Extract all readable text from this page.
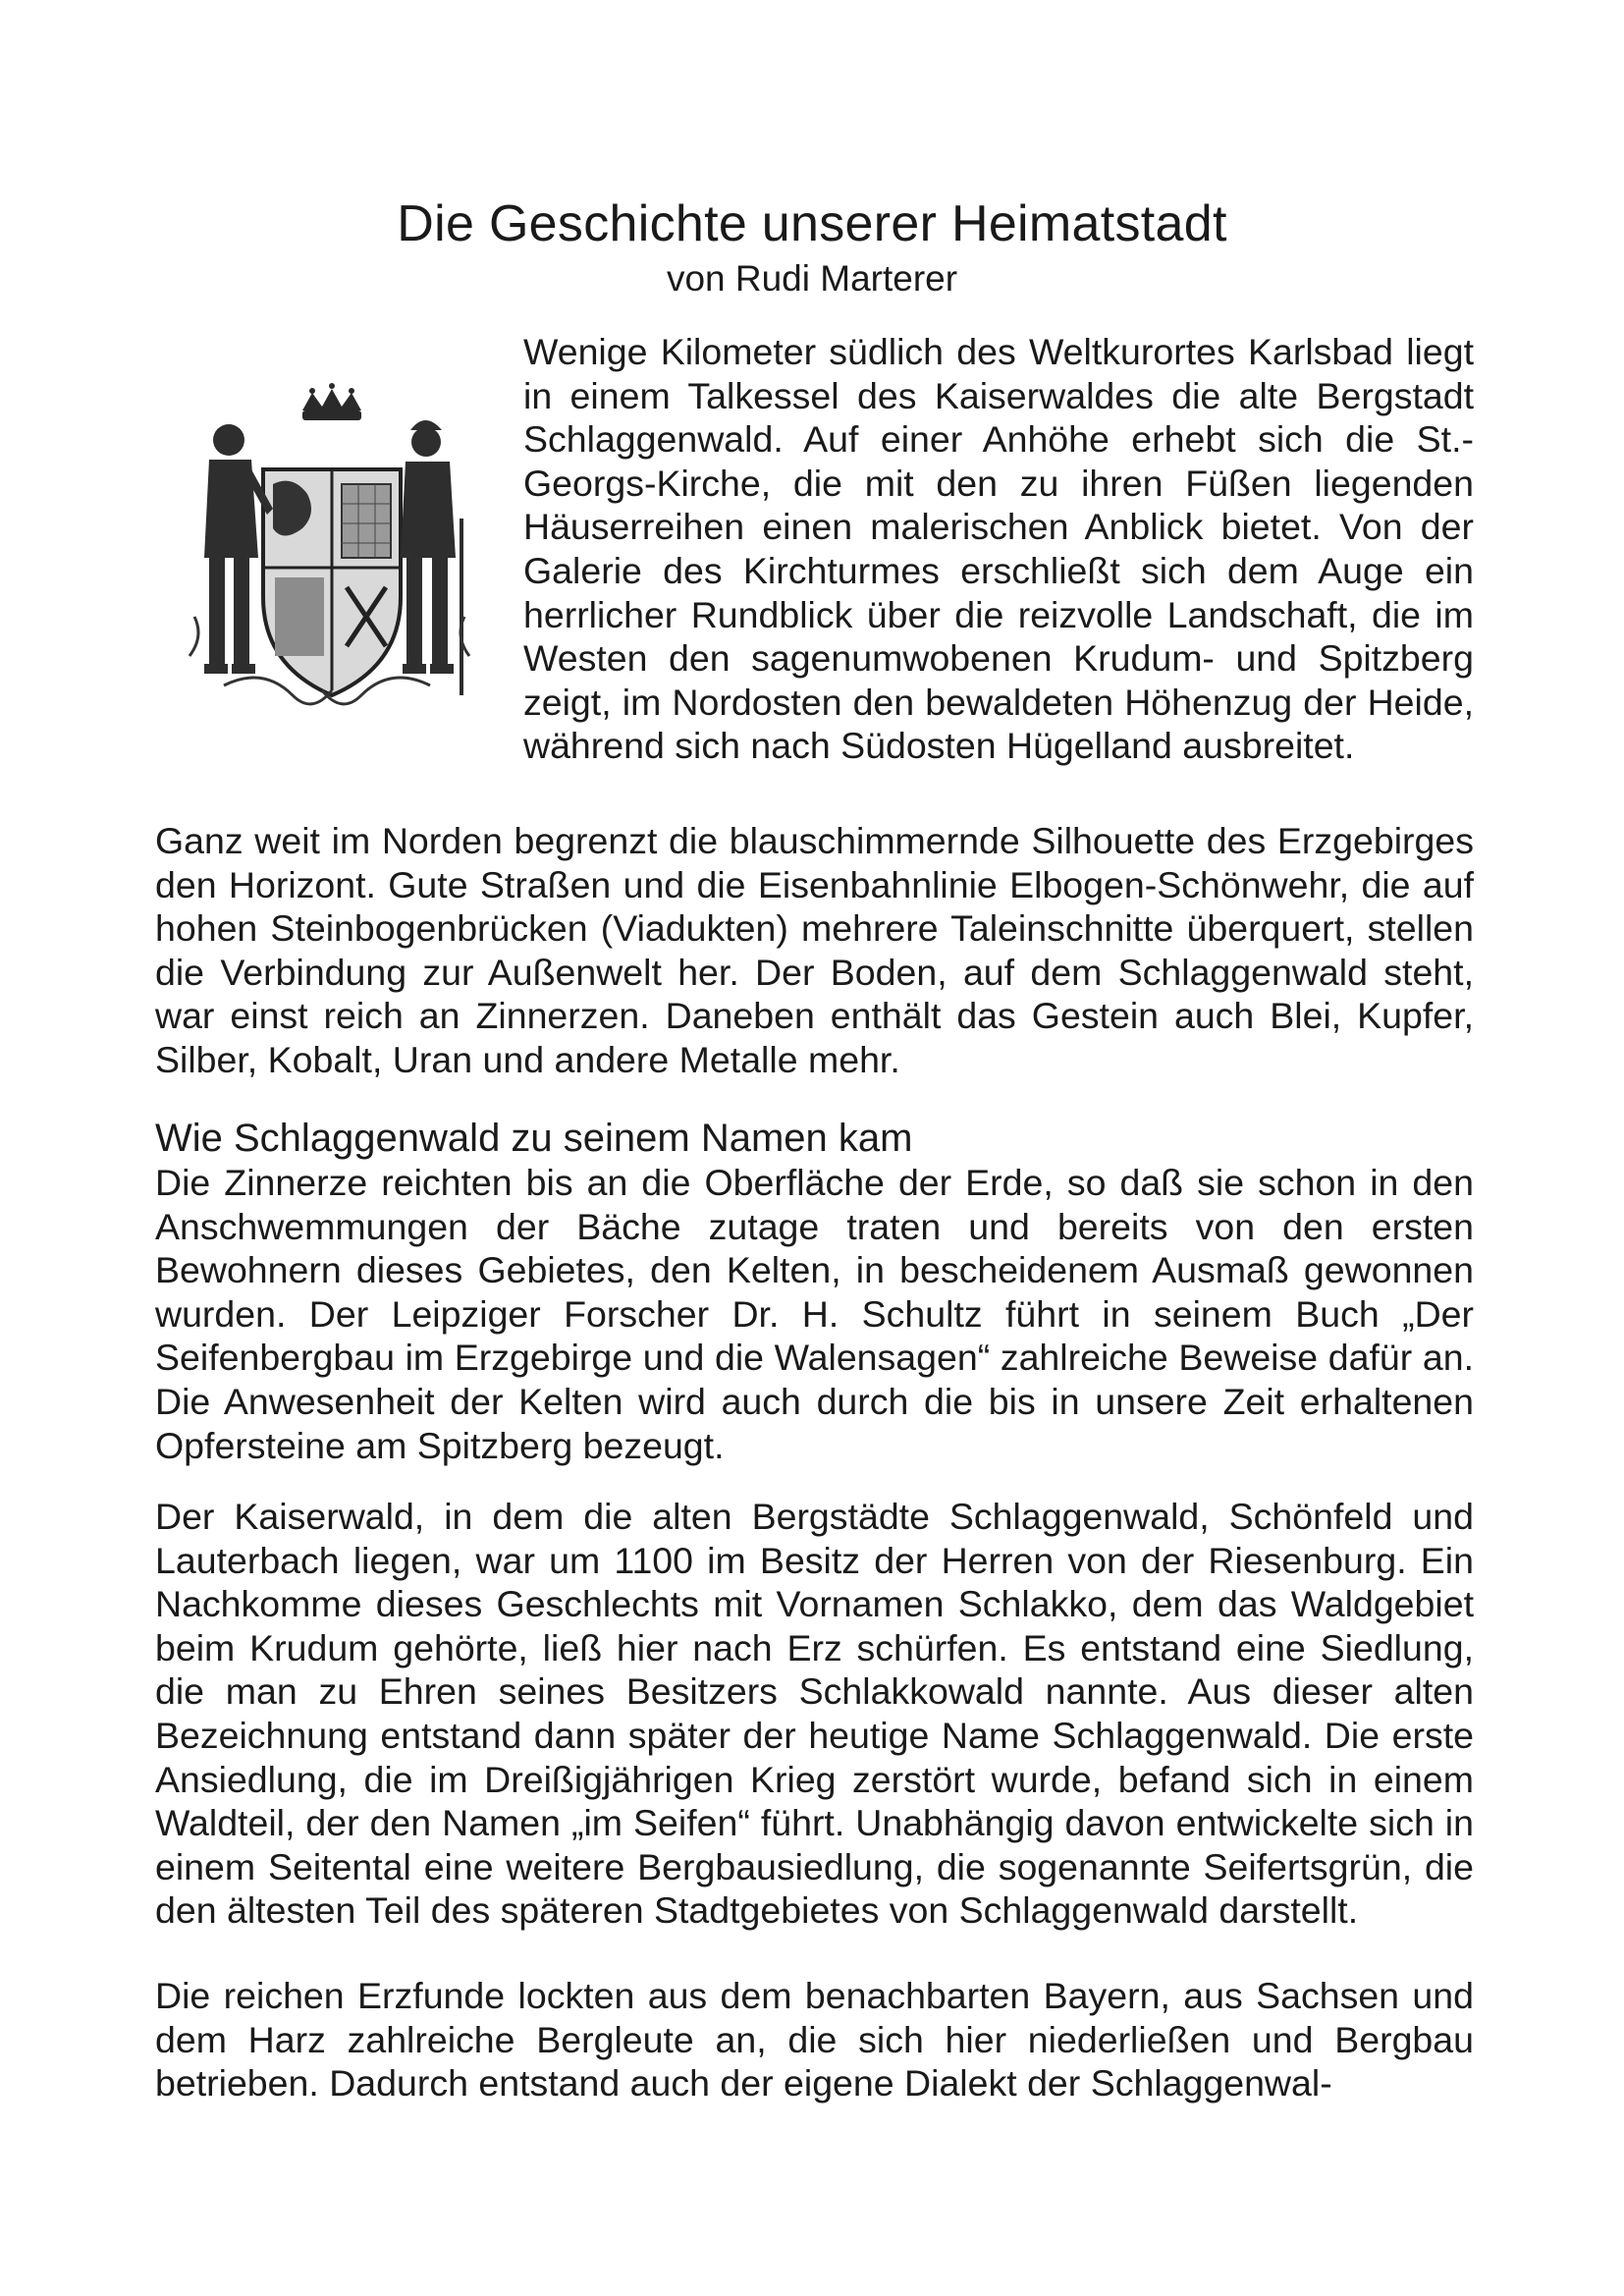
Die Geschichte unserer Heimatstadt

von Rudi Marterer

Wenige Kilometer südlich des Weltkurortes Karlsbad liegt in einem Talkessel des Kaiserwaldes die alte Bergstadt Schlaggenwald. Auf einer Anhöhe erhebt sich die St.-Georgs-Kirche, die mit den zu ihren Füßen liegenden Häuserreihen einen malerischen Anblick bietet. Von der Galerie des Kirchturmes erschließt sich dem Auge ein herrlicher Rundblick über die reizvolle Landschaft, die im Westen den sagenumwobenen Krudum- und Spitzberg zeigt, im Nordosten den bewaldeten Höhenzug der Heide, während sich nach Südosten Hügelland ausbreitet.

Ganz weit im Norden begrenzt die blauschimmernde Silhouette des Erzgebirges den Horizont. Gute Straßen und die Eisenbahnlinie Elbogen-Schönwehr, die auf hohen Steinbogenbrücken (Viadukten) mehrere Taleinschnitte überquert, stellen die Verbindung zur Außenwelt her. Der Boden, auf dem Schlaggenwald steht, war einst reich an Zinnerzen. Daneben enthält das Gestein auch Blei, Kupfer, Silber, Kobalt, Uran und andere Metalle mehr.

Wie Schlaggenwald zu seinem Namen kam

Die Zinnerze reichten bis an die Oberfläche der Erde, so daß sie schon in den Anschwemmungen der Bäche zutage traten und bereits von den ersten Bewohnern dieses Gebietes, den Kelten, in bescheidenem Ausmaß gewonnen wurden. Der Leipziger Forscher Dr. H. Schultz führt in seinem Buch „Der Seifenbergbau im Erzgebirge und die Walensagen“ zahlreiche Beweise dafür an. Die Anwesenheit der Kelten wird auch durch die bis in unsere Zeit erhaltenen Opfersteine am Spitzberg bezeugt.

Der Kaiserwald, in dem die alten Bergstädte Schlaggenwald, Schönfeld und Lauterbach liegen, war um 1100 im Besitz der Herren von der Riesenburg. Ein Nachkomme dieses Geschlechts mit Vornamen Schlakko, dem das Waldgebiet beim Krudum gehörte, ließ hier nach Erz schürfen. Es entstand eine Siedlung, die man zu Ehren seines Besitzers Schlakkowald nannte. Aus dieser alten Bezeichnung entstand dann später der heutige Name Schlaggenwald. Die erste Ansiedlung, die im Dreißigjährigen Krieg zerstört wurde, befand sich in einem Waldteil, der den Namen „im Seifen“ führt. Unabhängig davon entwickelte sich in einem Seitental eine weitere Bergbausiedlung, die sogenannte Seifertsgrün, die den ältesten Teil des späteren Stadtgebietes von Schlaggenwald darstellt.

Die reichen Erzfunde lockten aus dem benachbarten Bayern, aus Sachsen und dem Harz zahlreiche Bergleute an, die sich hier niederließen und Bergbau betrieben. Dadurch entstand auch der eigene Dialekt der Schlaggenwal-
